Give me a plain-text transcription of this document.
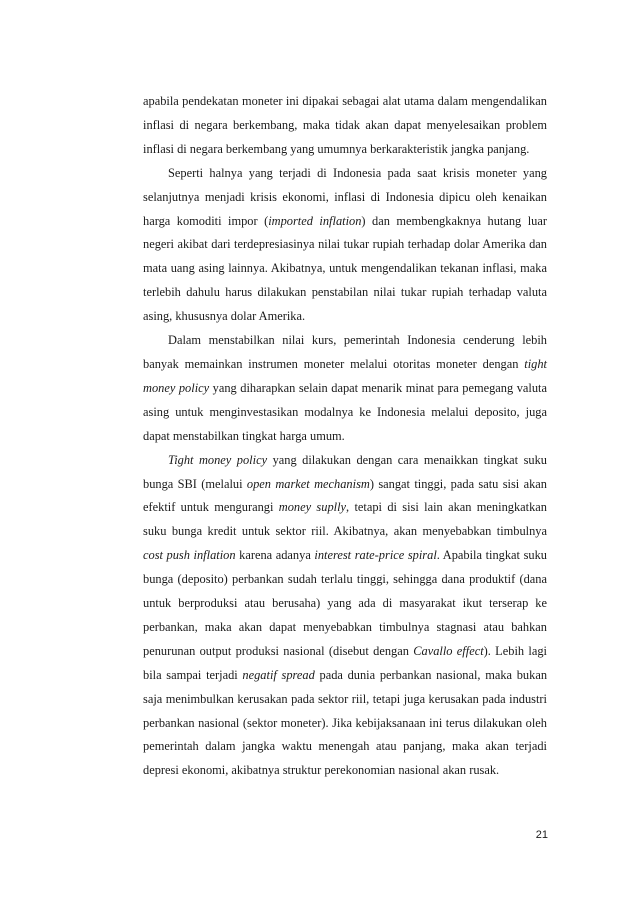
apabila pendekatan moneter ini dipakai sebagai alat utama dalam mengendalikan inflasi di negara berkembang, maka tidak akan dapat menyelesaikan problem inflasi di negara berkembang yang umumnya berkarakteristik jangka panjang.

Seperti halnya yang terjadi di Indonesia pada saat krisis moneter yang selanjutnya menjadi krisis ekonomi, inflasi di Indonesia dipicu oleh kenaikan harga komoditi impor (imported inflation) dan membengkaknya hutang luar negeri akibat dari terdepresiasinya nilai tukar rupiah terhadap dolar Amerika dan mata uang asing lainnya. Akibatnya, untuk mengendalikan tekanan inflasi, maka terlebih dahulu harus dilakukan penstabilan nilai tukar rupiah terhadap valuta asing, khususnya dolar Amerika.

Dalam menstabilkan nilai kurs, pemerintah Indonesia cenderung lebih banyak memainkan instrumen moneter melalui otoritas moneter dengan tight money policy yang diharapkan selain dapat menarik minat para pemegang valuta asing untuk menginvestasikan modalnya ke Indonesia melalui deposito, juga dapat menstabilkan tingkat harga umum.

Tight money policy yang dilakukan dengan cara menaikkan tingkat suku bunga SBI (melalui open market mechanism) sangat tinggi, pada satu sisi akan efektif untuk mengurangi money suplly, tetapi di sisi lain akan meningkatkan suku bunga kredit untuk sektor riil. Akibatnya, akan menyebabkan timbulnya cost push inflation karena adanya interest rate-price spiral. Apabila tingkat suku bunga (deposito) perbankan sudah terlalu tinggi, sehingga dana produktif (dana untuk berproduksi atau berusaha) yang ada di masyarakat ikut terserap ke perbankan, maka akan dapat menyebabkan timbulnya stagnasi atau bahkan penurunan output produksi nasional (disebut dengan Cavallo effect). Lebih lagi bila sampai terjadi negatif spread pada dunia perbankan nasional, maka bukan saja menimbulkan kerusakan pada sektor riil, tetapi juga kerusakan pada industri perbankan nasional (sektor moneter). Jika kebijaksanaan ini terus dilakukan oleh pemerintah dalam jangka waktu menengah atau panjang, maka akan terjadi depresi ekonomi, akibatnya struktur perekonomian nasional akan rusak.

21
